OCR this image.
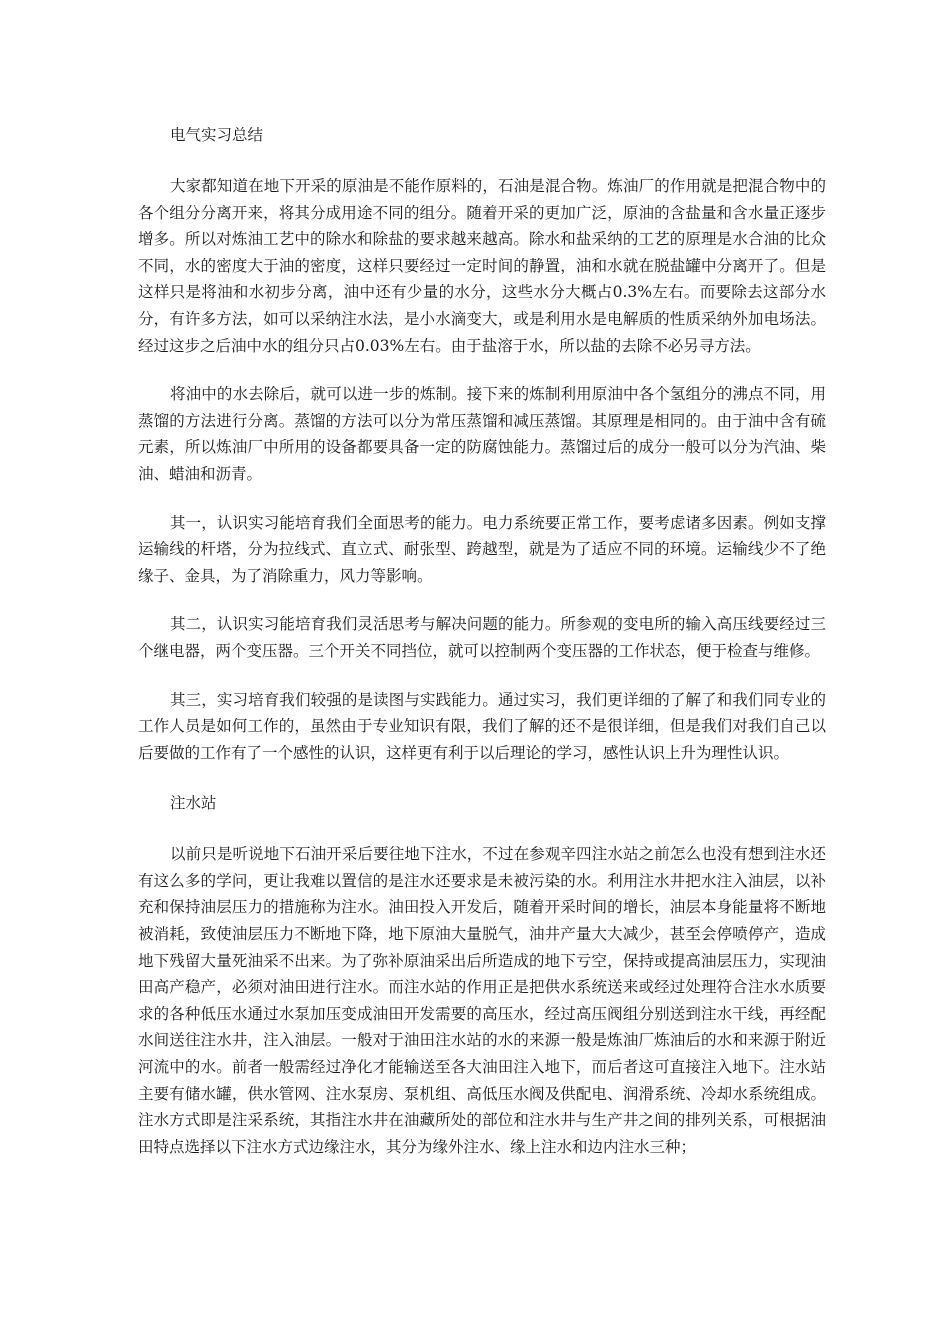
电气实习总结

大家都知道在地下开采的原油是不能作原料的，石油是混合物。炼油厂的作用就是把混合物中的各个组分分离开来，将其分成用途不同的组分。随着开采的更加广泛，原油的含盐量和含水量正逐步增多。所以对炼油工艺中的除水和除盐的要求越来越高。除水和盐采纳的工艺的原理是水合油的比众不同，水的密度大于油的密度，这样只要经过一定时间的静置，油和水就在脱盐罐中分离开了。但是这样只是将油和水初步分离，油中还有少量的水分，这些水分大概占0.3%左右。而要除去这部分水分，有许多方法，如可以采纳注水法，是小水滴变大，或是利用水是电解质的性质采纳外加电场法。经过这步之后油中水的组分只占0.03%左右。由于盐溶于水，所以盐的去除不必另寻方法。

将油中的水去除后，就可以进一步的炼制。接下来的炼制利用原油中各个氢组分的沸点不同，用蒸馏的方法进行分离。蒸馏的方法可以分为常压蒸馏和减压蒸馏。其原理是相同的。由于油中含有硫元素，所以炼油厂中所用的设备都要具备一定的防腐蚀能力。蒸馏过后的成分一般可以分为汽油、柴油、蜡油和沥青。

其一，认识实习能培育我们全面思考的能力。电力系统要正常工作，要考虑诸多因素。例如支撑运输线的杆塔，分为拉线式、直立式、耐张型、跨越型，就是为了适应不同的环境。运输线少不了绝缘子、金具，为了消除重力，风力等影响。

其二，认识实习能培育我们灵活思考与解决问题的能力。所参观的变电所的输入高压线要经过三个继电器，两个变压器。三个开关不同挡位，就可以控制两个变压器的工作状态，便于检查与维修。

其三，实习培育我们较强的是读图与实践能力。通过实习，我们更详细的了解了和我们同专业的工作人员是如何工作的，虽然由于专业知识有限，我们了解的还不是很详细，但是我们对我们自己以后要做的工作有了一个感性的认识，这样更有利于以后理论的学习，感性认识上升为理性认识。

注水站

以前只是听说地下石油开采后要往地下注水，不过在参观辛四注水站之前怎么也没有想到注水还有这么多的学问，更让我难以置信的是注水还要求是未被污染的水。利用注水井把水注入油层，以补充和保持油层压力的措施称为注水。油田投入开发后，随着开采时间的增长，油层本身能量将不断地被消耗，致使油层压力不断地下降，地下原油大量脱气，油井产量大大减少，甚至会停喷停产，造成地下残留大量死油采不出来。为了弥补原油采出后所造成的地下亏空，保持或提高油层压力，实现油田高产稳产，必须对油田进行注水。而注水站的作用正是把供水系统送来或经过处理符合注水水质要求的各种低压水通过水泵加压变成油田开发需要的高压水，经过高压阀组分别送到注水干线，再经配水间送往注水井，注入油层。一般对于油田注水站的水的来源一般是炼油厂炼油后的水和来源于附近河流中的水。前者一般需经过净化才能输送至各大油田注入地下，而后者这可直接注入地下。注水站主要有储水罐，供水管网、注水泵房、泵机组、高低压水阀及供配电、润滑系统、冷却水系统组成。注水方式即是注采系统，其指注水井在油藏所处的部位和注水井与生产井之间的排列关系，可根据油田特点选择以下注水方式边缘注水，其分为缘外注水、缘上注水和边内注水三种；
